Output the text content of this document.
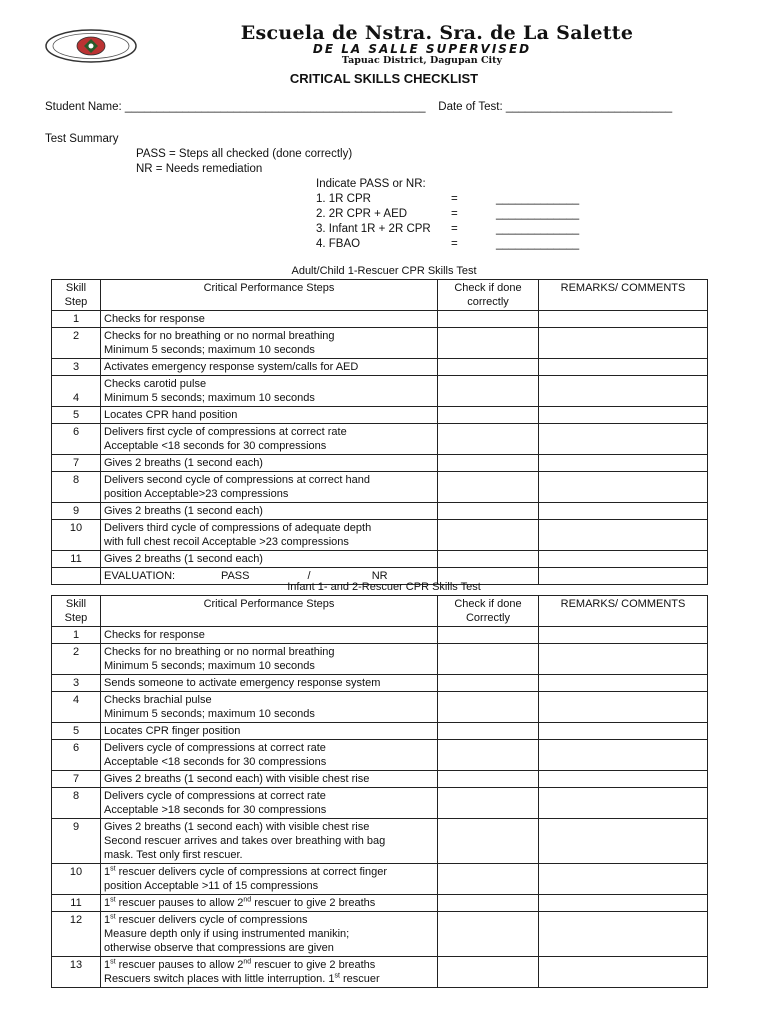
Escuela de Nstra. Sra. de La Salette
DE LA SALLE SUPERVISED
Tapuac District, Dagupan City
CRITICAL SKILLS CHECKLIST
Student Name: _______________________________________________    Date of Test: __________________________
Test Summary
PASS = Steps all checked (done correctly)
NR = Needs remediation
Indicate PASS or NR:
1. 1R CPR	=	_____________
2. 2R CPR + AED	=	_____________
3. Infant 1R + 2R CPR =	_____________
4. FBAO	=	_____________
Adult/Child 1-Rescuer CPR Skills Test
Skill Step	Critical Performance Steps	Check if done correctly	REMARKS/ COMMENTS
1	Checks for response		
2	Checks for no breathing or no normal breathing
Minimum 5 seconds; maximum 10 seconds		
3	Activates emergency response system/calls for AED		
4	Checks carotid pulse
Minimum 5 seconds; maximum 10 seconds		
5	Locates CPR hand position		
6	Delivers first cycle of compressions at correct rate
Acceptable <18 seconds for 30 compressions		
7	Gives 2 breaths (1 second each)		
8	Delivers second cycle of compressions at correct hand
position Acceptable>23 compressions		
9	Gives 2 breaths (1 second each)		
10	Delivers third cycle of compressions of adequate depth
with full chest recoil Acceptable >23 compressions		
11	Gives 2 breaths (1 second each)		
	EVALUATION:               PASS                   /                    NR		
Infant 1- and 2-Rescuer CPR Skills Test
Skill Step	Critical Performance Steps	Check if done Correctly	REMARKS/ COMMENTS
1	Checks for response		
2	Checks for no breathing or no normal breathing
Minimum 5 seconds; maximum 10 seconds		
3	Sends someone to activate emergency response system		
4	Checks brachial pulse
Minimum 5 seconds; maximum 10 seconds		
5	Locates CPR finger position		
6	Delivers cycle of compressions at correct rate
Acceptable <18 seconds for 30 compressions		
7	Gives 2 breaths (1 second each) with visible chest rise		
8	Delivers cycle of compressions at correct rate
Acceptable >18 seconds for 30 compressions		
9	Gives 2 breaths (1 second each) with visible chest rise
Second rescuer arrives and takes over breathing with bag
mask. Test only first rescuer.		
10	1st rescuer delivers cycle of compressions at correct finger
position Acceptable >11 of 15 compressions		
11	1st rescuer pauses to allow 2nd rescuer to give 2 breaths		
12	1st rescuer delivers cycle of compressions
Measure depth only if using instrumented manikin;
otherwise observe that compressions are given		
13	1st rescuer pauses to allow 2nd rescuer to give 2 breaths
Rescuers switch places with little interruption. 1st rescuer		
